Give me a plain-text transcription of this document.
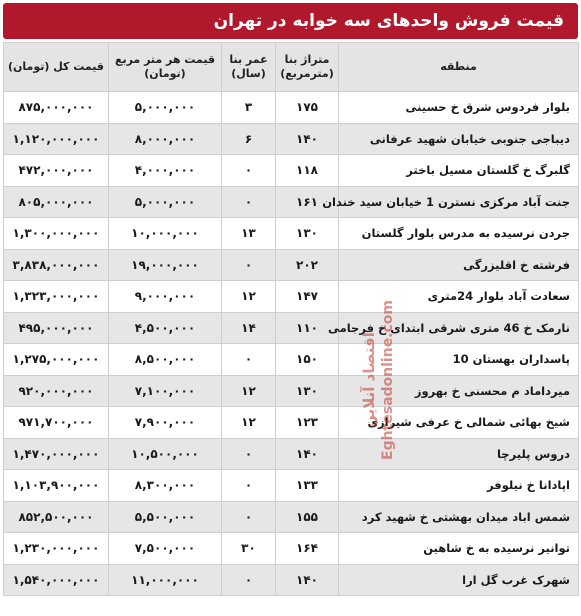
قیمت فروش واحدهای سه خوابه در تهران
منطقه	متراژ بنا (مترمربع)	عمر بنا (سال)	قیمت هر متر مربع (تومان)	قیمت کل (تومان)
بلوار فردوس شرق خ حسینی	۱۷۵	۳	۵,۰۰۰,۰۰۰	۸۷۵,۰۰۰,۰۰۰
دیباجی جنوبی خیابان شهید عرفانی	۱۴۰	۶	۸,۰۰۰,۰۰۰	۱,۱۲۰,۰۰۰,۰۰۰
گلبرگ خ گلستان مسیل باختر	۱۱۸	۰	۴,۰۰۰,۰۰۰	۴۷۲,۰۰۰,۰۰۰
جنت آباد مرکزی نسترن 1 خیابان سید خندان	۱۶۱	۰	۵,۰۰۰,۰۰۰	۸۰۵,۰۰۰,۰۰۰
جردن نرسیده به مدرس بلوار گلستان	۱۳۰	۱۳	۱۰,۰۰۰,۰۰۰	۱,۳۰۰,۰۰۰,۰۰۰
فرشته خ اقلیزرگی	۲۰۲	۰	۱۹,۰۰۰,۰۰۰	۳,۸۳۸,۰۰۰,۰۰۰
سعادت آباد بلوار 24متری	۱۴۷	۱۲	۹,۰۰۰,۰۰۰	۱,۳۲۳,۰۰۰,۰۰۰
نارمک خ 46 متری شرقی ابتدای خ فرجامی	۱۱۰	۱۴	۴,۵۰۰,۰۰۰	۴۹۵,۰۰۰,۰۰۰
پاسداران بهستان 10	۱۵۰	۰	۸,۵۰۰,۰۰۰	۱,۲۷۵,۰۰۰,۰۰۰
میرداماد م محسنی خ بهروز	۱۳۰	۱۲	۷,۱۰۰,۰۰۰	۹۲۰,۰۰۰,۰۰۰
شیخ بهائی شمالی خ عرفی شیرازی	۱۲۳	۱۲	۷,۹۰۰,۰۰۰	۹۷۱,۷۰۰,۰۰۰
دروس پلیرچا	۱۴۰	۰	۱۰,۵۰۰,۰۰۰	۱,۴۷۰,۰۰۰,۰۰۰
اپادانا خ نیلوفر	۱۳۳	۰	۸,۳۰۰,۰۰۰	۱,۱۰۳,۹۰۰,۰۰۰
شمس اباد میدان بهشتی خ شهید کرد	۱۵۵	۰	۵,۵۰۰,۰۰۰	۸۵۲,۵۰۰,۰۰۰
توانیر نرسیده به خ شاهین	۱۶۴	۳۰	۷,۵۰۰,۰۰۰	۱,۲۳۰,۰۰۰,۰۰۰
شهرک غرب گل ارا	۱۴۰	۰	۱۱,۰۰۰,۰۰۰	۱,۵۴۰,۰۰۰,۰۰۰
اقتصاد آنلاین Eghtesadonline.com
